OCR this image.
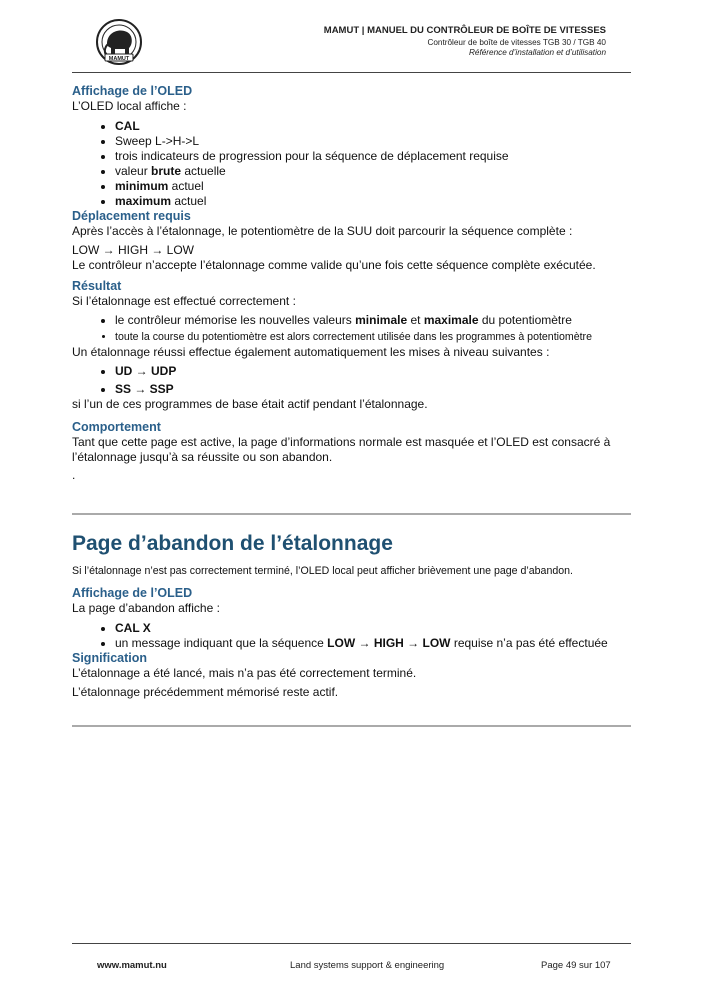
MAMUT
MAMUT | MANUEL DU CONTRÔLEUR DE BOÎTE DE VITESSES
Contrôleur de boîte de vitesses TGB 30 / TGB 40
Référence d’installation et d’utilisation
Affichage de l’OLED

L’OLED local affiche :

• CAL
• Sweep L->H->L
• trois indicateurs de progression pour la séquence de déplacement requise
• valeur brute actuelle
• minimum actuel
• maximum actuel
Déplacement requis

Après l’accès à l’étalonnage, le potentiomètre de la SUU doit parcourir la séquence complète :

LOW → HIGH → LOW

Le contrôleur n’accepte l’étalonnage comme valide qu’une fois cette séquence complète exécutée.

Résultat

Si l’étalonnage est effectué correctement :

• le contrôleur mémorise les nouvelles valeurs minimale et maximale du potentiomètre
• toute la course du potentiomètre est alors correctement utilisée dans les programmes à potentiomètre

Un étalonnage réussi effectue également automatiquement les mises à niveau suivantes :

• UD → UDP
• SS → SSP

si l’un de ces programmes de base était actif pendant l’étalonnage.

Comportement

Tant que cette page est active, la page d’informations normale est masquée et l’OLED est consacré à l’étalonnage jusqu’à sa réussite ou son abandon.

.

Page d’abandon de l’étalonnage

Si l’étalonnage n’est pas correctement terminé, l’OLED local peut afficher brièvement une page d’abandon.

Affichage de l’OLED

La page d’abandon affiche :

• CAL X
• un message indiquant que la séquence LOW → HIGH → LOW requise n’a pas été effectuée
Signification

L’étalonnage a été lancé, mais n’a pas été correctement terminé.

L’étalonnage précédemment mémorisé reste actif.

www.mamut.nu	Land systems support & engineering	Page 49 sur 107
